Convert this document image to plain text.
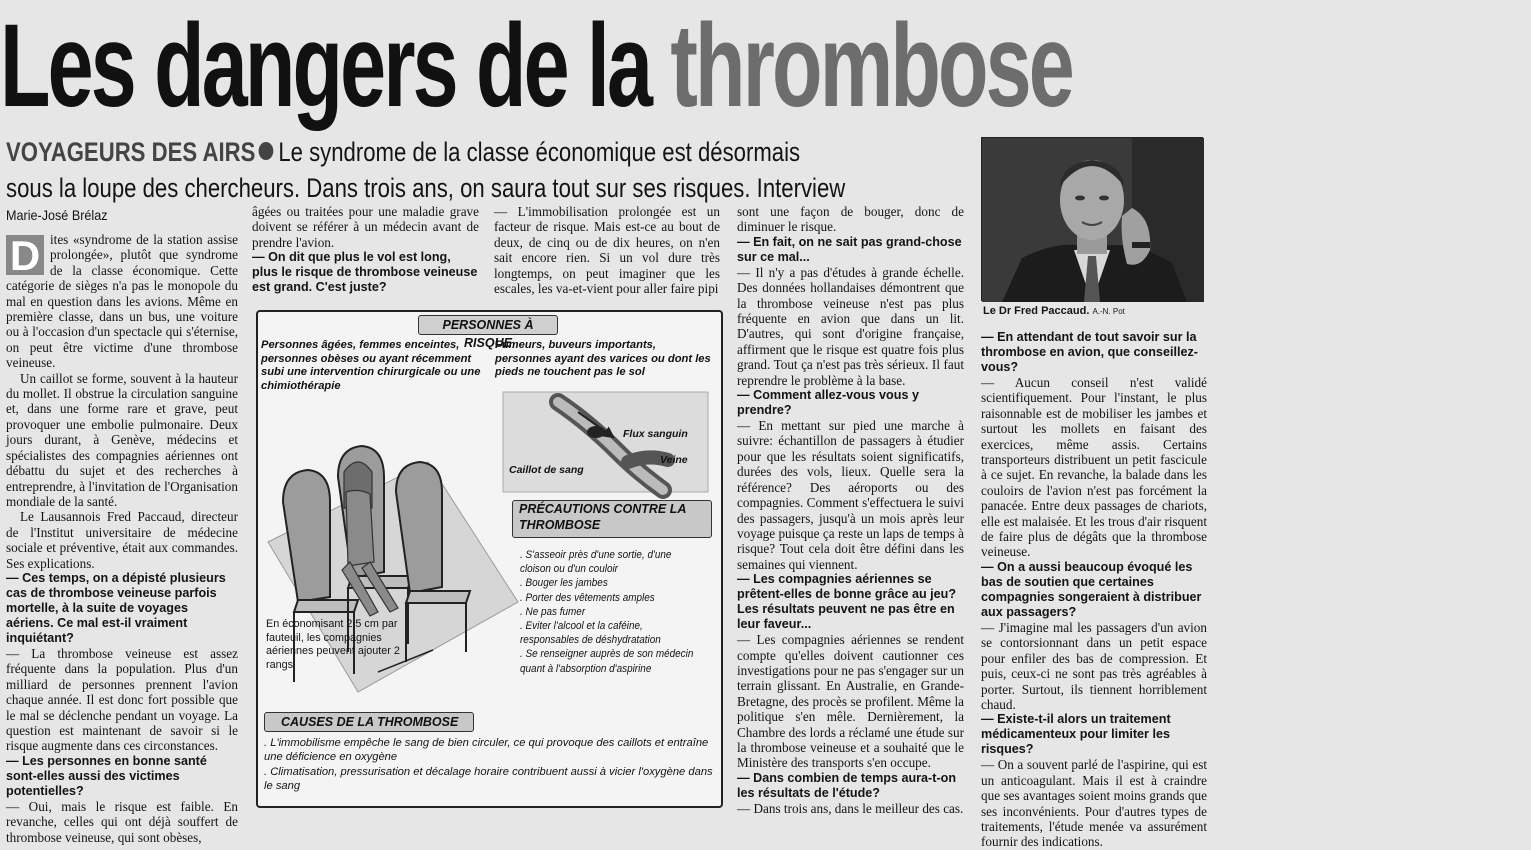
Les dangers de la thrombose
VOYAGEURS DES AIRS Le syndrome de la classe économique est désormais
sous la loupe des chercheurs. Dans trois ans, on saura tout sur ses risques. Interview
Marie-José Brélaz
D ites «syndrome de la station assise prolongée», plutôt que syndrome de la classe économique. Cette catégorie de sièges n'a pas le monopole du mal en question dans les avions. Même en première classe, dans un bus, une voiture ou à l'occasion d'un spectacle qui s'éternise, on peut être victime d'une thrombose veineuse.

Un caillot se forme, souvent à la hauteur du mollet. Il obstrue la circulation sanguine et, dans une forme rare et grave, peut provoquer une embolie pulmonaire. Deux jours durant, à Genève, médecins et spécialistes des compagnies aériennes ont débattu du sujet et des recherches à entreprendre, à l'invitation de l'Organisation mondiale de la santé.

Le Lausannois Fred Paccaud, directeur de l'Institut universitaire de médecine sociale et préventive, était aux commandes. Ses explications.

— Ces temps, on a dépisté plusieurs cas de thrombose veineuse parfois mortelle, à la suite de voyages aériens. Ce mal est-il vraiment inquiétant?

— La thrombose veineuse est assez fréquente dans la population. Plus d'un milliard de personnes prennent l'avion chaque année. Il est donc fort possible que le mal se déclenche pendant un voyage. La question est maintenant de savoir si le risque augmente dans ces circonstances.

— Les personnes en bonne santé sont-elles aussi des victimes potentielles?

— Oui, mais le risque est faible. En revanche, celles qui ont déjà souffert de thrombose veineuse, qui sont obèses,

âgées ou traitées pour une maladie grave doivent se référer à un médecin avant de prendre l'avion.

— On dit que plus le vol est long, plus le risque de thrombose veineuse est grand. C'est juste?

— L'immobilisation prolongée est un facteur de risque. Mais est-ce au bout de deux, de cinq ou de dix heures, on n'en sait encore rien. Si un vol dure très longtemps, on peut imaginer que les escales, les va-et-vient pour aller faire pipi

sont une façon de bouger, donc de diminuer le risque.

— En fait, on ne sait pas grand-chose sur ce mal...

— Il n'y a pas d'études à grande échelle. Des données hollandaises démontrent que la thrombose veineuse n'est pas plus fréquente en avion que dans un lit. D'autres, qui sont d'origine française, affirment que le risque est quatre fois plus grand. Tout ça n'est pas très sérieux. Il faut reprendre le problème à la base.

— Comment allez-vous vous y prendre?

— En mettant sur pied une marche à suivre: échantillon de passagers à étudier pour que les résultats soient significatifs, durées des vols, lieux. Quelle sera la référence? Des aéroports ou des compagnies. Comment s'effectuera le suivi des passagers, jusqu'à un mois après leur voyage puisque ça reste un laps de temps à risque? Tout cela doit être défini dans les semaines qui viennent.

— Les compagnies aériennes se prêtent-elles de bonne grâce au jeu? Les résultats peuvent ne pas être en leur faveur...

— Les compagnies aériennes se rendent compte qu'elles doivent cautionner ces investigations pour ne pas s'engager sur un terrain glissant. En Australie, en Grande-Bretagne, des procès se profilent. Même la politique s'en mêle. Dernièrement, la Chambre des lords a réclamé une étude sur la thrombose veineuse et a souhaité que le Ministère des transports s'en occupe.

— Dans combien de temps aura-t-on les résultats de l'étude?

— Dans trois ans, dans le meilleur des cas.

Le Dr Fred Paccaud. A.-N. Pot

— En attendant de tout savoir sur la thrombose en avion, que conseillez-vous?

— Aucun conseil n'est validé scientifiquement. Pour l'instant, le plus raisonnable est de mobiliser les jambes et surtout les mollets en faisant des exercices, même assis. Certains transporteurs distribuent un petit fascicule à ce sujet. En revanche, la balade dans les couloirs de l'avion n'est pas forcément la panacée. Entre deux passages de chariots, elle est malaisée. Et les trous d'air risquent de faire plus de dégâts que la thrombose veineuse.

— On a aussi beaucoup évoqué les bas de soutien que certaines compagnies songeraient à distribuer aux passagers?

— J'imagine mal les passagers d'un avion se contorsionnant dans un petit espace pour enfiler des bas de compression. Et puis, ceux-ci ne sont pas très agréables à porter. Surtout, ils tiennent horriblement chaud.

— Existe-t-il alors un traitement médicamenteux pour limiter les risques?

— On a souvent parlé de l'aspirine, qui est un anticoagulant. Mais il est à craindre que ses avantages soient moins grands que ses inconvénients. Pour d'autres types de traitements, l'étude menée va assurément fournir des indications.

PERSONNES À RISQUE
Personnes âgées, femmes enceintes, personnes obèses ou ayant récemment subi une intervention chirurgicale ou une chimiothérapie
Fumeurs, buveurs importants, personnes ayant des varices ou dont les pieds ne touchent pas le sol
Flux sanguin
Veine
Caillot de sang
PRÉCAUTIONS CONTRE LA THROMBOSE
. S'asseoir près d'une sortie, d'une cloison ou d'un couloir
. Bouger les jambes
. Porter des vêtements amples
. Ne pas fumer
. Eviter l'alcool et la caféine, responsables de déshydratation
. Se renseigner auprès de son médecin quant à l'absorption d'aspirine
En économisant 2,5 cm par fauteuil, les compagnies aériennes peuvent ajouter 2 rangs
CAUSES DE LA THROMBOSE
. L'immobilisme empêche le sang de bien circuler, ce qui provoque des caillots et entraîne une déficience en oxygène
. Climatisation, pressurisation et décalage horaire contribuent aussi à vicier l'oxygène dans le sang
